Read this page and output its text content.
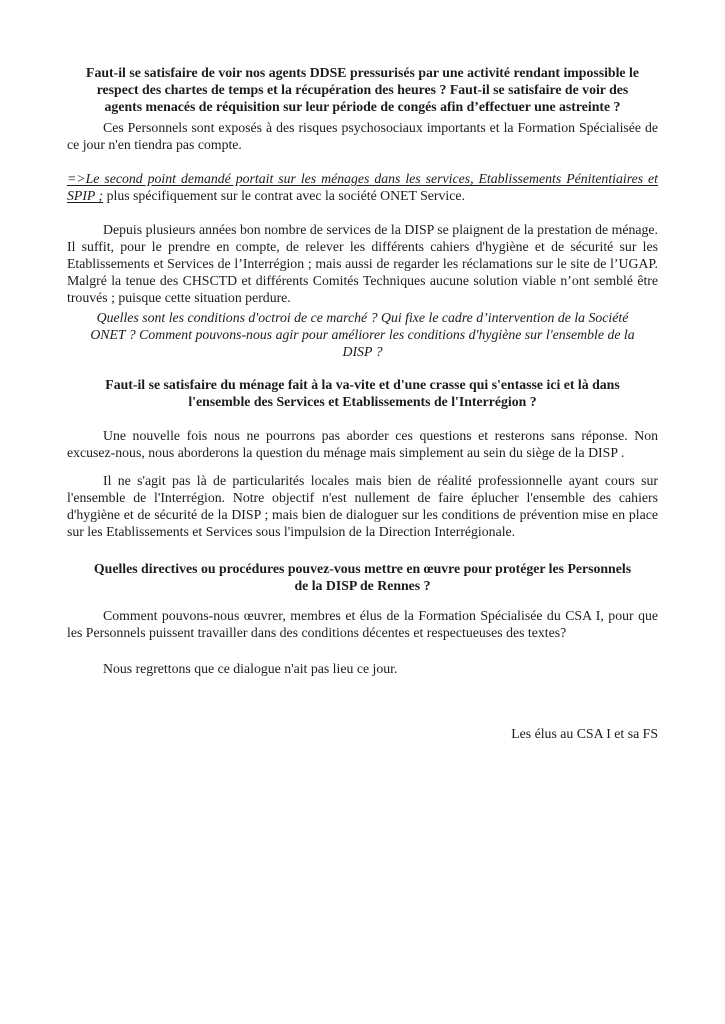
Faut-il se satisfaire de voir nos agents DDSE pressurisés par une activité rendant impossible le
respect des chartes de temps et la récupération des heures ? Faut-il se satisfaire de voir des
agents menacés de réquisition sur leur période de congés afin d’effectuer une astreinte ?

Ces Personnels sont exposés à des risques psychosociaux importants et la Formation Spécialisée de ce jour n'en tiendra pas compte.

=>Le second point demandé portait sur les ménages dans les services, Etablissements Pénitentiaires et SPIP ; plus spécifiquement sur le contrat avec la société ONET Service.

Depuis plusieurs années bon nombre de services de la DISP se plaignent de la prestation de ménage. Il suffit, pour le prendre en compte, de relever les différents cahiers d'hygiène et de sécurité sur les Etablissements et Services de l’Interrégion ; mais aussi de regarder les réclamations sur le site de l’UGAP. Malgré la tenue des CHSCTD et différents Comités Techniques aucune solution viable n’ont semblé être trouvés ; puisque cette situation perdure.

Quelles sont les conditions d'octroi de ce marché ? Qui fixe le cadre d’intervention de la Société
ONET ? Comment pouvons-nous agir pour améliorer les conditions d'hygiène sur l'ensemble de la
DISP ?
Faut-il se satisfaire du ménage fait à la va-vite et d'une crasse qui s'entasse ici et là dans
l'ensemble des Services et Etablissements de l'Interrégion ?

Une nouvelle fois nous ne pourrons pas aborder ces questions et resterons sans réponse. Non excusez-nous, nous aborderons la question du ménage mais simplement au sein du siège de la DISP .

Il ne s'agit pas là de particularités locales mais bien de réalité professionnelle ayant cours sur l'ensemble de l'Interrégion. Notre objectif n'est nullement de faire éplucher l'ensemble des cahiers d'hygiène et de sécurité de la DISP ; mais bien de dialoguer sur les conditions de prévention mise en place sur les Etablissements et Services sous l'impulsion de la Direction Interrégionale.

Quelles directives ou procédures pouvez-vous mettre en œuvre pour protéger les Personnels
de la DISP de Rennes ?

Comment pouvons-nous œuvrer, membres et élus de la Formation Spécialisée du CSA I, pour que les Personnels puissent travailler dans des conditions décentes et respectueuses des textes?

Nous regrettons que ce dialogue n'ait pas lieu ce jour.

Les élus au CSA I et sa FS
